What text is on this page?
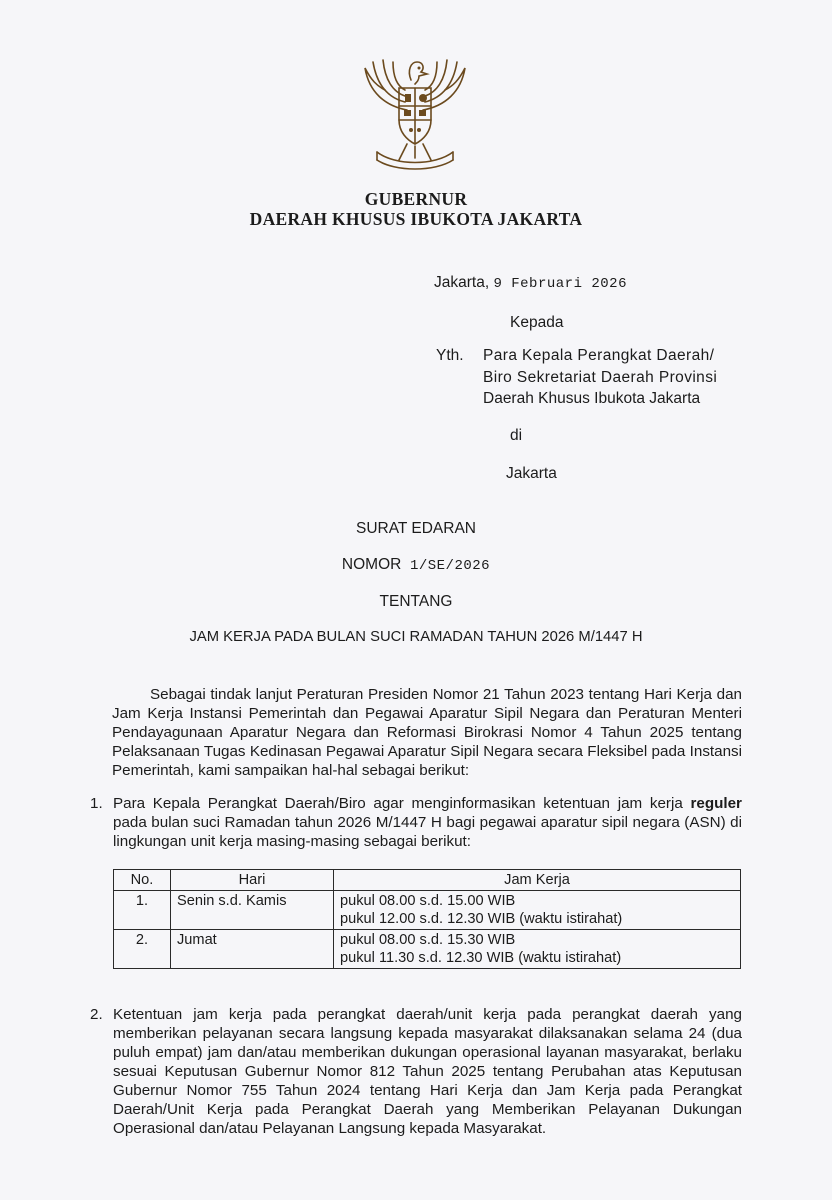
GUBERNUR
DAERAH KHUSUS IBUKOTA JAKARTA
Jakarta, 9 Februari 2026
Kepada
Yth. Para Kepala Perangkat Daerah/
Biro Sekretariat Daerah Provinsi
Daerah Khusus Ibukota Jakarta
di
Jakarta
SURAT EDARAN
NOMOR 1/SE/2026
TENTANG
JAM KERJA PADA BULAN SUCI RAMADAN TAHUN 2026 M/1447 H

Sebagai tindak lanjut Peraturan Presiden Nomor 21 Tahun 2023 tentang Hari Kerja dan Jam Kerja Instansi Pemerintah dan Pegawai Aparatur Sipil Negara dan Peraturan Menteri Pendayagunaan Aparatur Negara dan Reformasi Birokrasi Nomor 4 Tahun 2025 tentang Pelaksanaan Tugas Kedinasan Pegawai Aparatur Sipil Negara secara Fleksibel pada Instansi Pemerintah, kami sampaikan hal-hal sebagai berikut:

1. Para Kepala Perangkat Daerah/Biro agar menginformasikan ketentuan jam kerja reguler pada bulan suci Ramadan tahun 2026 M/1447 H bagi pegawai aparatur sipil negara (ASN) di lingkungan unit kerja masing-masing sebagai berikut:

No.	Hari	Jam Kerja
1.	Senin s.d. Kamis	pukul 08.00 s.d. 15.00 WIB
pukul 12.00 s.d. 12.30 WIB (waktu istirahat)

2.	Jumat	pukul 08.00 s.d. 15.30 WIB
pukul 11.30 s.d. 12.30 WIB (waktu istirahat)
2. Ketentuan jam kerja pada perangkat daerah/unit kerja pada perangkat daerah yang memberikan pelayanan secara langsung kepada masyarakat dilaksanakan selama 24 (dua puluh empat) jam dan/atau memberikan dukungan operasional layanan masyarakat, berlaku sesuai Keputusan Gubernur Nomor 812 Tahun 2025 tentang Perubahan atas Keputusan Gubernur Nomor 755 Tahun 2024 tentang Hari Kerja dan Jam Kerja pada Perangkat Daerah/Unit Kerja pada Perangkat Daerah yang Memberikan Pelayanan Dukungan Operasional dan/atau Pelayanan Langsung kepada Masyarakat.
